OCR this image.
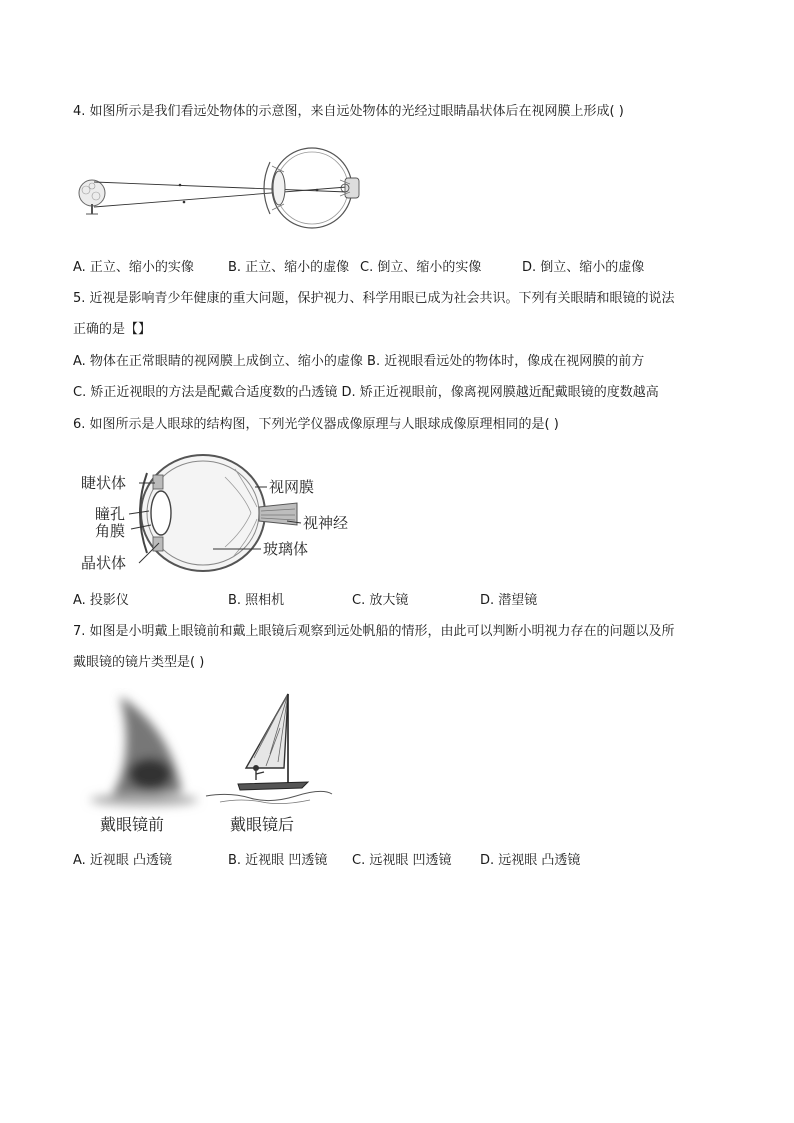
4. 如图所示是我们看远处物体的示意图，来自远处物体的光经过眼睛晶状体后在视网膜上形成( )
A. 正立、缩小的实像	B. 正立、缩小的虚像 C. 倒立、缩小的实像	D. 倒立、缩小的虚像
5. 近视是影响青少年健康的重大问题，保护视力、科学用眼已成为社会共识。下列有关眼睛和眼镜的说法
正确的是【】
A. 物体在正常眼睛的视网膜上成倒立、缩小的虚像 B. 近视眼看远处的物体时，像成在视网膜的前方
C. 矫正近视眼的方法是配戴合适度数的凸透镜 D. 矫正近视眼前，像离视网膜越近配戴眼镜的度数越高
6. 如图所示是人眼球的结构图，下列光学仪器成像原理与人眼球成像原理相同的是( )
睫状体
瞳孔
角膜
晶状体
视网膜
视神经
玻璃体
A. 投影仪	B. 照相机	C. 放大镜	D. 潜望镜
7. 如图是小明戴上眼镜前和戴上眼镜后观察到远处帆船的情形，由此可以判断小明视力存在的问题以及所
戴眼镜的镜片类型是( )
戴眼镜前	戴眼镜后
A. 近视眼 凸透镜	B. 近视眼 凹透镜 C. 远视眼 凹透镜 D. 远视眼 凸透镜
